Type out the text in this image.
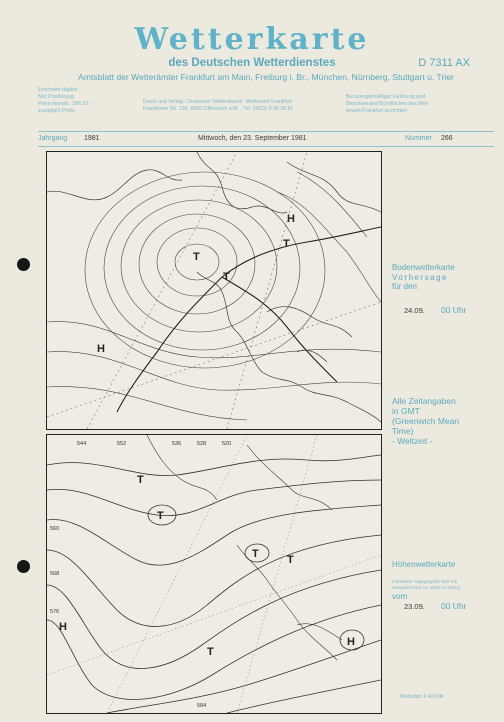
Wetterkarte
des Deutschen Wetterdienstes	D 7311 AX
Amtsblatt der Wetterämter Frankfurt am Main, Freiburg i. Br., München, Nürnberg, Stuttgart u. Trier
Erscheint täglich
Nur Postbezug
Preis monatl.. DM 10,-
zuzüglich Porto
Druck und Verlag : Deutscher Wetterdienst - Wetteramt Frankfurt
Frankfurter Str. 135, 6050 Offenbach a.M. , Tel. (0611) 8 06 28 81
Bei unregelmäßiger Lieferung sind
Beschwerden/Schriftliches des Wet-
teramt Frankfurt zu richten
Jahrgang 1981	Mittwoch, den 23. September 1981	Nummer 266
T
H
T
H
T
T
T	T
T
T
H
H
552	536	528	520
544
560
568
576
584
Bodenwetterkarte
Vorhersage
für den
24.09. 00 Uhr
Alle Zeitangaben
in GMT
(Greenwich Mean
Time)
- Weltzeit -
Höhenwetterkarte
(Absolute Topographie 500 mb
entsprechend ca. 5500 m Höhe)
vom
23.09. 00 Uhr
Maßstab 1:40 Mill
